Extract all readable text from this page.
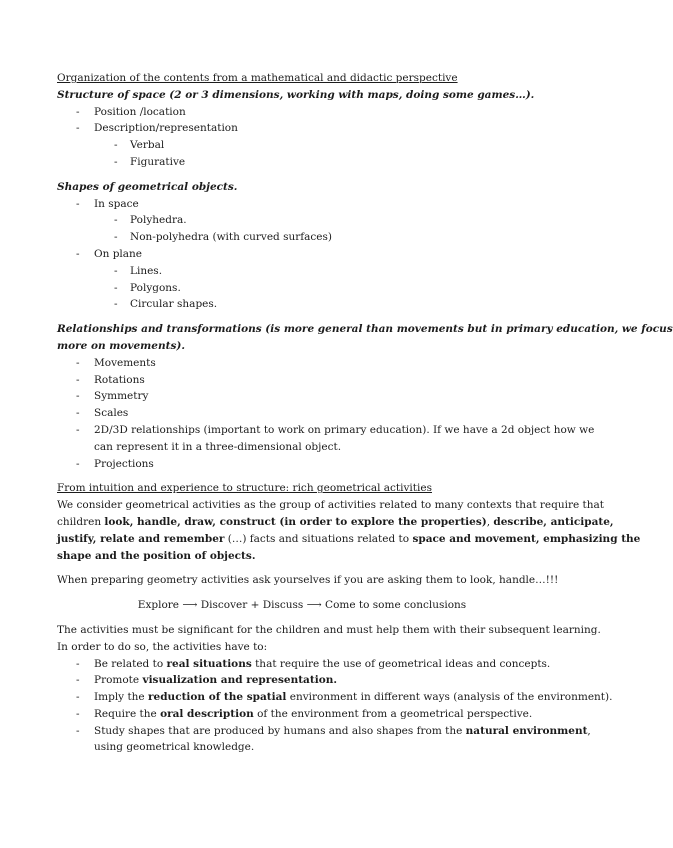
Organization of the contents from a mathematical and didactic perspective
Structure of space (2 or 3 dimensions, working with maps, doing some games…).
- Position /location
- Description/representation
- Verbal
- Figurative
Shapes of geometrical objects.
- In space
- Polyhedra.
- Non-polyhedra (with curved surfaces)
- On plane
- Lines.
- Polygons.
- Circular shapes.
Relationships and transformations (is more general than movements but in primary education, we focus
more on movements).
- Movements
- Rotations
- Symmetry
- Scales
- 2D/3D relationships (important to work on primary education). If we have a 2d object how we
can represent it in a three-dimensional object.
- Projections
From intuition and experience to structure: rich geometrical activities
We consider geometrical activities as the group of activities related to many contexts that require that
children look, handle, draw, construct (in order to explore the properties), describe, anticipate,
justify, relate and remember (…) facts and situations related to space and movement, emphasizing the
shape and the position of objects.
When preparing geometry activities ask yourselves if you are asking them to look, handle…!!!
Explore ⟶ Discover + Discuss ⟶ Come to some conclusions
The activities must be significant for the children and must help them with their subsequent learning.
In order to do so, the activities have to:
- Be related to real situations that require the use of geometrical ideas and concepts.
- Promote visualization and representation.
- Imply the reduction of the spatial environment in different ways (analysis of the environment).
- Require the oral description of the environment from a geometrical perspective.
- Study shapes that are produced by humans and also shapes from the natural environment,
using geometrical knowledge.
